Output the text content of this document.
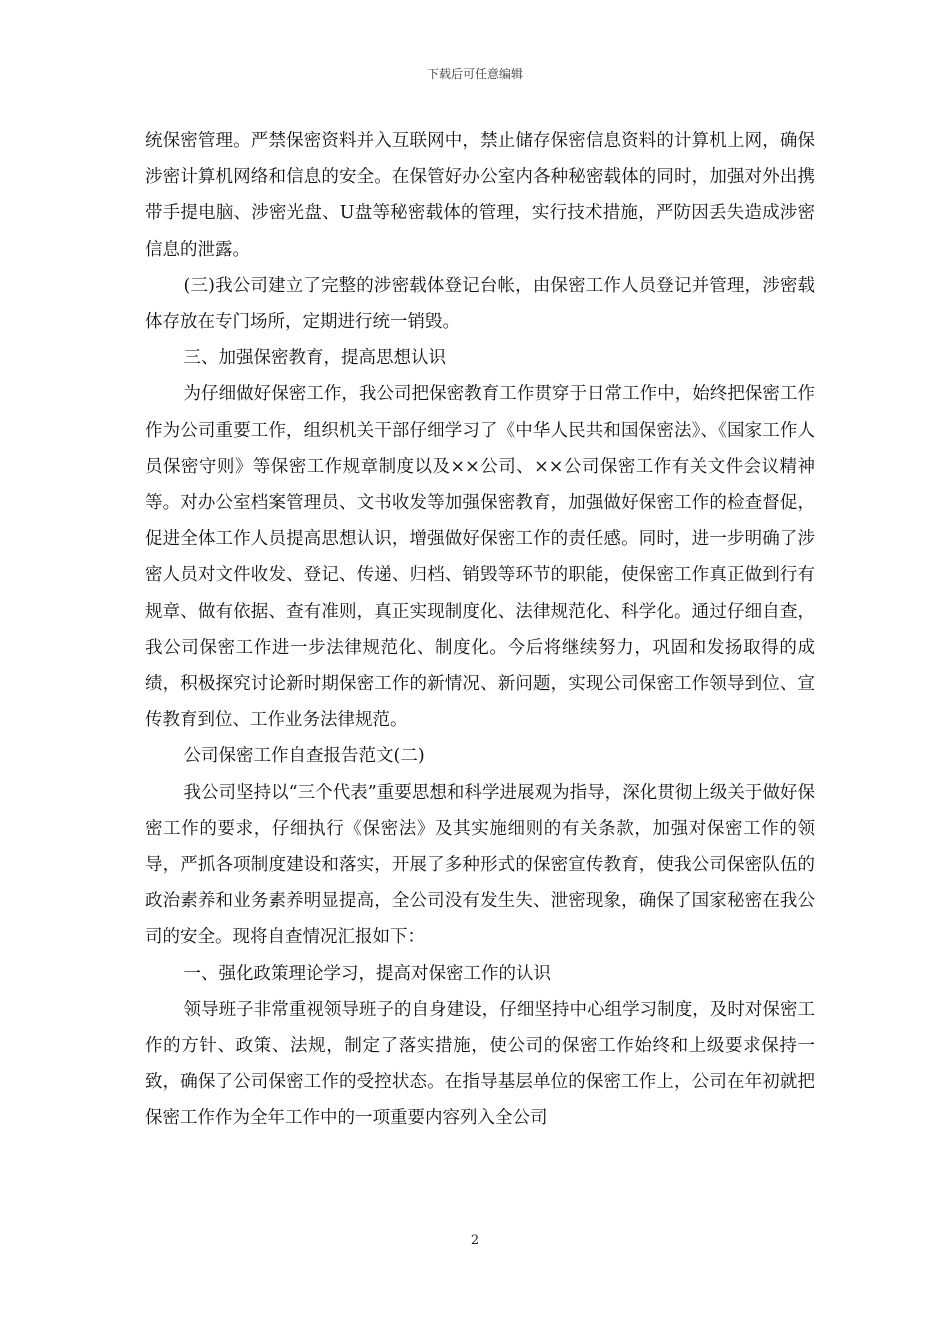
下载后可任意编辑

统保密管理。严禁保密资料并入互联网中，禁止储存保密信息资料的计算机上网，确保涉密计算机网络和信息的安全。在保管好办公室内各种秘密载体的同时，加强对外出携带手提电脑、涉密光盘、U盘等秘密载体的管理，实行技术措施，严防因丢失造成涉密信息的泄露。

(三)我公司建立了完整的涉密载体登记台帐，由保密工作人员登记并管理，涉密载体存放在专门场所，定期进行统一销毁。

三、加强保密教育，提高思想认识

为仔细做好保密工作，我公司把保密教育工作贯穿于日常工作中，始终把保密工作作为公司重要工作，组织机关干部仔细学习了《中华人民共和国保密法》、《国家工作人员保密守则》等保密工作规章制度以及××公司、××公司保密工作有关文件会议精神等。对办公室档案管理员、文书收发等加强保密教育，加强做好保密工作的检查督促，促进全体工作人员提高思想认识，增强做好保密工作的责任感。同时，进一步明确了涉密人员对文件收发、登记、传递、归档、销毁等环节的职能，使保密工作真正做到行有规章、做有依据、查有准则，真正实现制度化、法律规范化、科学化。通过仔细自查，我公司保密工作进一步法律规范化、制度化。今后将继续努力，巩固和发扬取得的成绩，积极探究讨论新时期保密工作的新情况、新问题，实现公司保密工作领导到位、宣传教育到位、工作业务法律规范。

公司保密工作自查报告范文(二)

我公司坚持以“三个代表”重要思想和科学进展观为指导，深化贯彻上级关于做好保密工作的要求，仔细执行《保密法》及其实施细则的有关条款，加强对保密工作的领导，严抓各项制度建设和落实，开展了多种形式的保密宣传教育，使我公司保密队伍的政治素养和业务素养明显提高，全公司没有发生失、泄密现象，确保了国家秘密在我公司的安全。现将自查情况汇报如下：

一、强化政策理论学习，提高对保密工作的认识

领导班子非常重视领导班子的自身建设，仔细坚持中心组学习制度，及时对保密工作的方针、政策、法规，制定了落实措施，使公司的保密工作始终和上级要求保持一致，确保了公司保密工作的受控状态。在指导基层单位的保密工作上，公司在年初就把保密工作作为全年工作中的一项重要内容列入全公司

2
